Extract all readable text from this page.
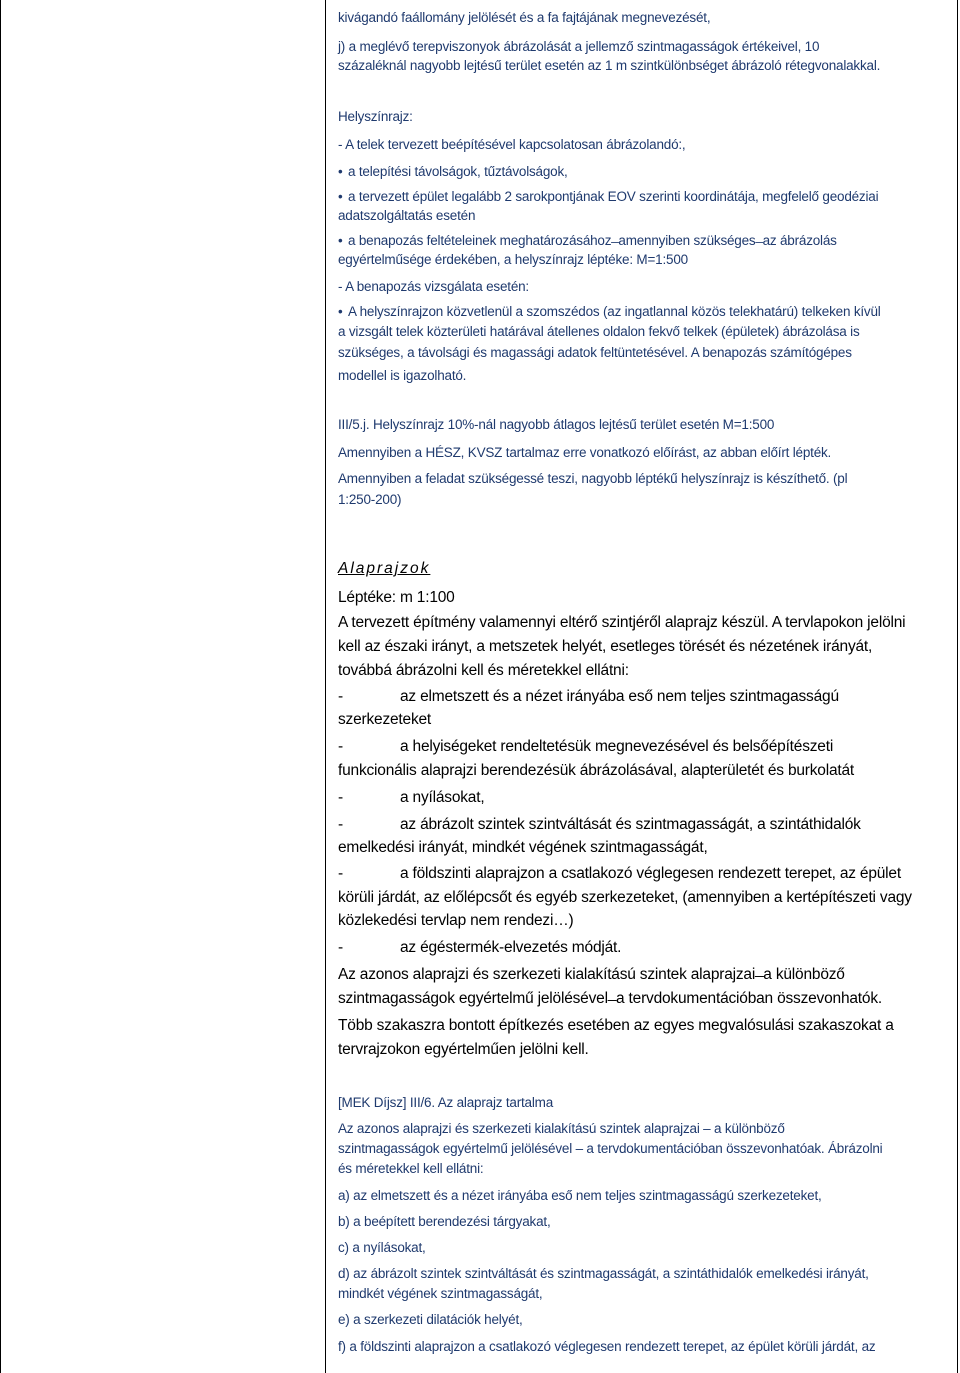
kivágandó faállomány jelölését és a fa fajtájának megnevezését,
j) a meglévő terepviszonyok ábrázolását a jellemző szintmagasságok értékeivel, 10
százaléknál nagyobb lejtésű terület esetén az 1 m szintkülönbséget ábrázoló rétegvonalakkal.
Helyszínrajz:
- A telek tervezett beépítésével kapcsolatosan ábrázolandó:,
• a telepítési távolságok, tűztávolságok,
• a tervezett épület legalább 2 sarokpontjának EOV szerinti koordinátája, megfelelő geodéziai
adatszolgáltatás esetén
• a benapozás feltételeinek meghatározásához ̶ amennyiben szükséges ̶ az ábrázolás
egyértelműsége érdekében, a helyszínrajz léptéke: M=1:500
- A benapozás vizsgálata esetén:
• A helyszínrajzon közvetlenül a szomszédos (az ingatlannal közös telekhatárú) telkeken kívül
a vizsgált telek közterületi határával átellenes oldalon fekvő telkek (épületek) ábrázolása is
szükséges, a távolsági és magassági adatok feltüntetésével. A benapozás számítógépes
modellel is igazolható.
III/5.j. Helyszínrajz 10%-nál nagyobb átlagos lejtésű terület esetén M=1:500
Amennyiben a HÉSZ, KVSZ tartalmaz erre vonatkozó előírást, az abban előírt lépték.
Amennyiben a feladat szükségessé teszi, nagyobb léptékű helyszínrajz is készíthető. (pl
1:250-200)
Alaprajzok
Léptéke: m 1:100
A tervezett építmény valamennyi eltérő szintjéről alaprajz készül. A tervlapokon jelölni
kell az északi irányt, a metszetek helyét, esetleges törését és nézetének irányát,
továbbá ábrázolni kell és méretekkel ellátni:
-	az elmetszett és a nézet irányába eső nem teljes szintmagasságú
szerkezeteket
-	a helyiségeket rendeltetésük megnevezésével és belsőépítészeti
funkcionális alaprajzi berendezésük ábrázolásával, alapterületét és burkolatát
-	a nyílásokat,
-	az ábrázolt szintek szintváltását és szintmagasságát, a szintáthidalók
emelkedési irányát, mindkét végének szintmagasságát,
-	a földszinti alaprajzon a csatlakozó véglegesen rendezett terepet, az épület
körüli járdát, az előlépcsőt és egyéb szerkezeteket, (amennyiben a kertépítészeti vagy
közlekedési tervlap nem rendezi…)
-	az égéstermék-elvezetés módját.
Az azonos alaprajzi és szerkezeti kialakítású szintek alaprajzai ̶ a különböző
szintmagasságok egyértelmű jelölésével ̶ a tervdokumentációban összevonhatók.
Több szakaszra bontott építkezés esetében az egyes megvalósulási szakaszokat a
tervrajzokon egyértelműen jelölni kell.
[MEK Díjsz] III/6. Az alaprajz tartalma
Az azonos alaprajzi és szerkezeti kialakítású szintek alaprajzai – a különböző
szintmagasságok egyértelmű jelölésével – a tervdokumentációban összevonhatóak. Ábrázolni
és méretekkel kell ellátni:
a) az elmetszett és a nézet irányába eső nem teljes szintmagasságú szerkezeteket,
b) a beépített berendezési tárgyakat,
c) a nyílásokat,
d) az ábrázolt szintek szintváltását és szintmagasságát, a szintáthidalók emelkedési irányát,
mindkét végének szintmagasságát,
e) a szerkezeti dilatációk helyét,
f) a földszinti alaprajzon a csatlakozó véglegesen rendezett terepet, az épület körüli járdát, az
